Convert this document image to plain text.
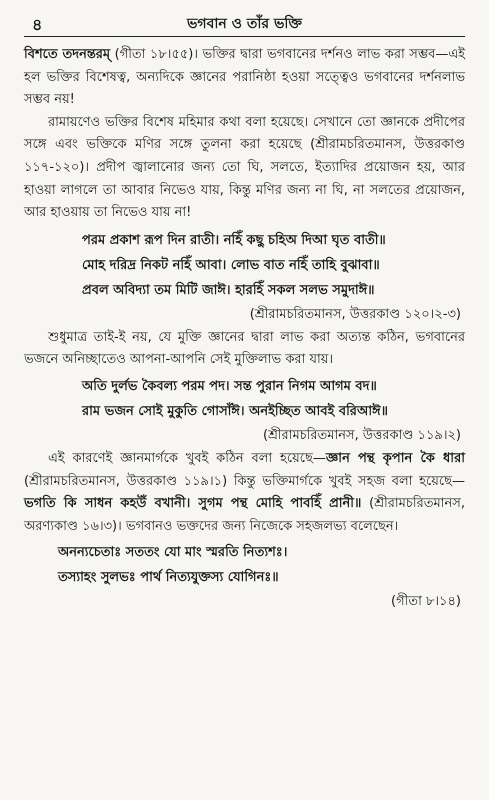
৪	ভগবান ও তাঁর ভক্তি

বিশতে তদনন্তরম্ (গীতা ১৮।৫৫)। ভক্তির দ্বারা ভগবানের দর্শনও লাভ করা সম্ভব—এই হল ভক্তির বিশেষত্ব, অন্যদিকে জ্ঞানের পরানিষ্ঠা হওয়া সত্ত্বেও ভগবানের দর্শনলাভ সম্ভব নয়!

রামায়ণেও ভক্তির বিশেষ মহিমার কথা বলা হয়েছে। সেখানে তো জ্ঞানকে প্রদীপের সঙ্গে এবং ভক্তিকে মণির সঙ্গে তুলনা করা হয়েছে (শ্রীরামচরিতমানস, উত্তরকাণ্ড ১১৭-১২০)। প্রদীপ জ্বালানোর জন্য তো ঘি, সলতে, ইত্যাদির প্রয়োজন হয়, আর হাওয়া লাগলে তা আবার নিভেও যায়, কিন্তু মণির জন্য না ঘি, না সলতের প্রয়োজন, আর হাওয়ায় তা নিভেও যায় না!

পরম প্রকাশ রূপ দিন রাতী। নহিঁ কছু চহিঅ দিআ ঘৃত বাতী॥
মোহ দরিদ্র নিকট নহিঁ আবা। লোভ বাত নহিঁ তাহি বুঝাবা॥
প্রবল অবিদ্যা তম মিটি জাঈ। হারহিঁ সকল সলভ সমুদাঈ॥
(শ্রীরামচরিতমানস, উত্তরকাণ্ড ১২০।২-৩)

শুধুমাত্র তাই-ই নয়, যে মুক্তি জ্ঞানের দ্বারা লাভ করা অত্যন্ত কঠিন, ভগবানের ভজনে অনিচ্ছাতেও আপনা-আপনি সেই মুক্তিলাভ করা যায়।

অতি দুর্লভ কৈবল্য পরম পদ। সন্ত পুরান নিগম আগম বদ॥
রাম ভজন সোই মুকুতি গোসাঁঈ। অনইচ্ছিত আবই বরিআঈ॥
(শ্রীরামচরিতমানস, উত্তরকাণ্ড ১১৯।২)

এই কারণেই জ্ঞানমার্গকে খুবই কঠিন বলা হয়েছে—জ্ঞান পন্থ কৃপান কৈ ধারা (শ্রীরামচরিতমানস, উত্তরকাণ্ড ১১৯।১) কিন্তু ভক্তিমার্গকে খুবই সহজ বলা হয়েছে—ভগতি কি সাধন কহউঁ বখানী। সুগম পন্থ মোহি পাবহিঁ প্রানী॥ (শ্রীরামচরিতমানস, অরণ্যকাণ্ড ১৬।৩)। ভগবানও ভক্তদের জন্য নিজেকে সহজলভ্য বলেছেন।

অনন্যচেতাঃ সততং যো মাং স্মরতি নিত্যশঃ।
তস্যাহং সুলভঃ পার্থ নিত্যযুক্তস্য যোগিনঃ॥
(গীতা ৮।১৪)
